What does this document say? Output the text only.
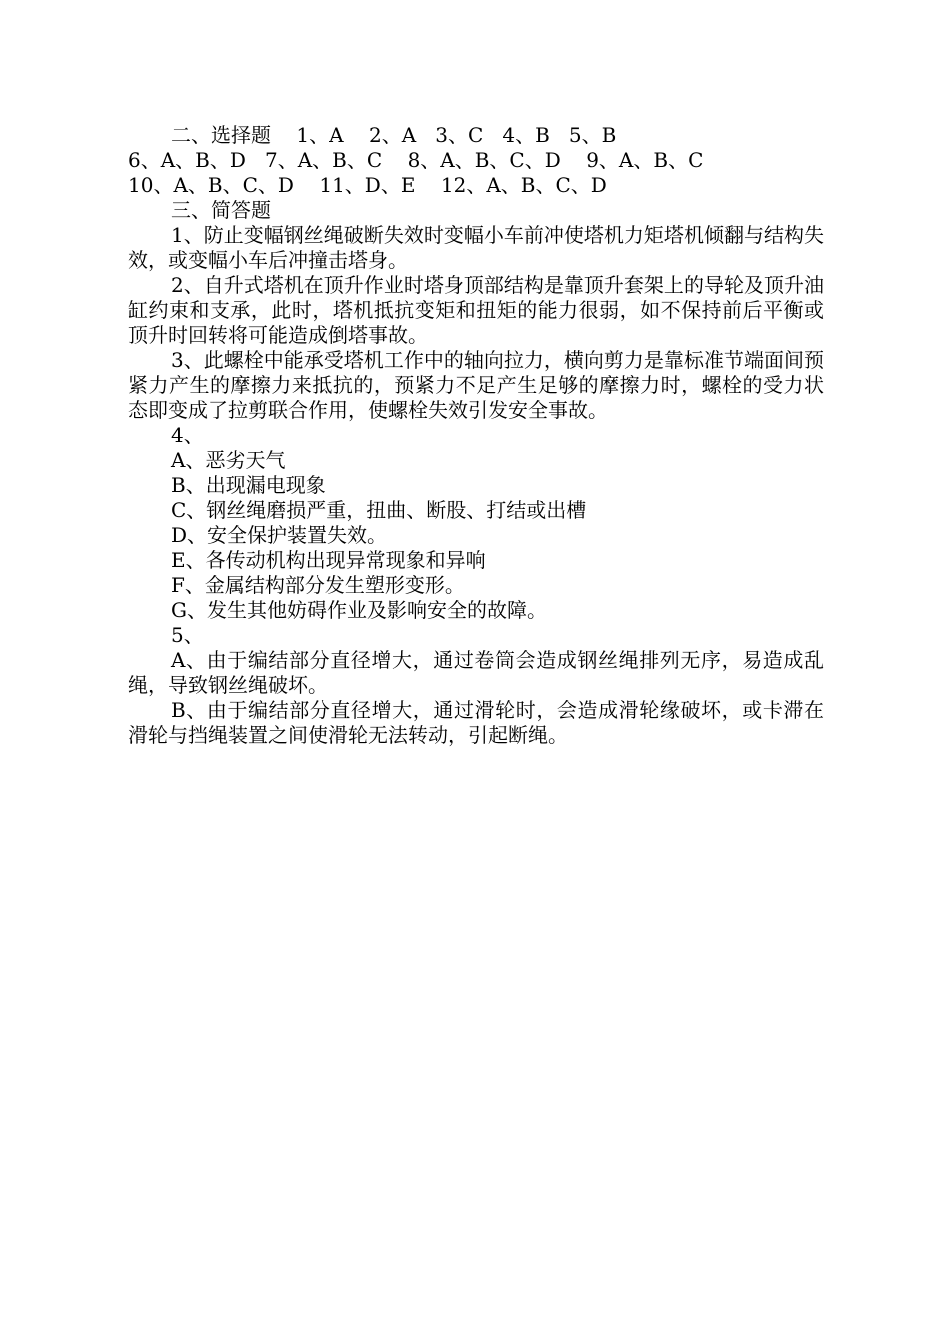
二、选择题    1、A    2、A   3、C   4、B   5、B

6、A、B、D   7、A、B、C    8、A、B、C、D    9、A、B、C

10、A、B、C、D    11、D、E    12、A、B、C、D

三、简答题

1、防止变幅钢丝绳破断失效时变幅小车前冲使塔机力矩塔机倾翻与结构失效，或变幅小车后冲撞击塔身。

2、自升式塔机在顶升作业时塔身顶部结构是靠顶升套架上的导轮及顶升油缸约束和支承，此时，塔机抵抗变矩和扭矩的能力很弱，如不保持前后平衡或顶升时回转将可能造成倒塔事故。

3、此螺栓中能承受塔机工作中的轴向拉力，横向剪力是靠标准节端面间预紧力产生的摩擦力来抵抗的，预紧力不足产生足够的摩擦力时，螺栓的受力状态即变成了拉剪联合作用，使螺栓失效引发安全事故。

4、

A、恶劣天气

B、出现漏电现象

C、钢丝绳磨损严重，扭曲、断股、打结或出槽

D、安全保护装置失效。

E、各传动机构出现异常现象和异响

F、金属结构部分发生塑形变形。

G、发生其他妨碍作业及影响安全的故障。

5、

A、由于编结部分直径增大，通过卷筒会造成钢丝绳排列无序，易造成乱绳，导致钢丝绳破坏。

B、由于编结部分直径增大，通过滑轮时，会造成滑轮缘破坏，或卡滞在滑轮与挡绳装置之间使滑轮无法转动，引起断绳。
